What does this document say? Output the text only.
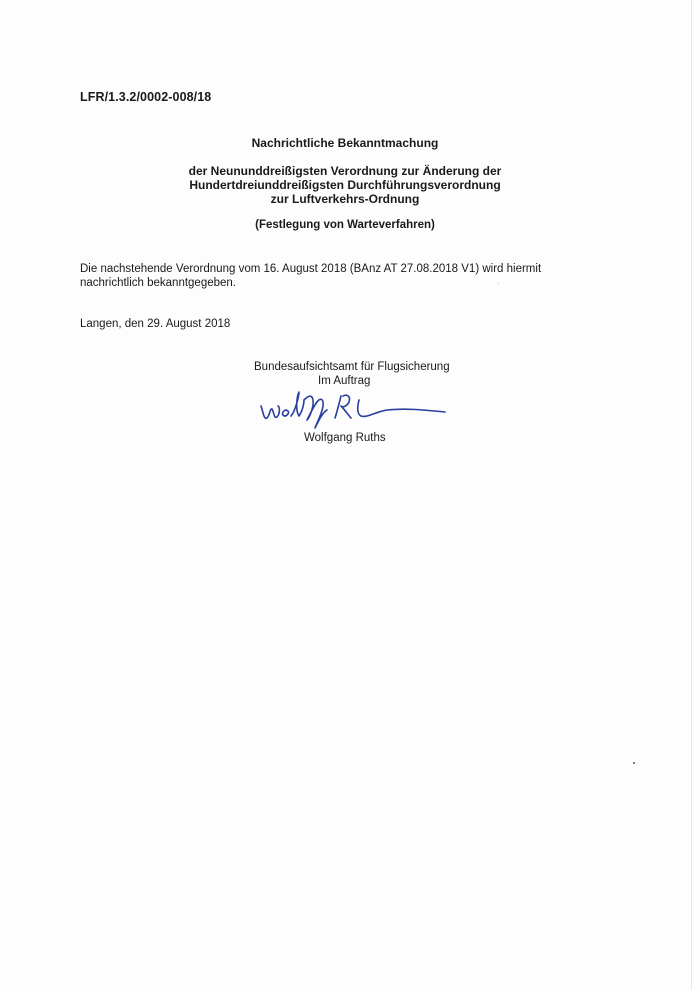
LFR/1.3.2/0002-008/18
Nachrichtliche Bekanntmachung
der Neununddreißigsten Verordnung zur Änderung der
Hundertdreiunddreißigsten Durchführungsverordnung
zur Luftverkehrs-Ordnung
(Festlegung von Warteverfahren)
Die nachstehende Verordnung vom 16. August 2018 (BAnz AT 27.08.2018 V1) wird hiermit nachrichtlich bekanntgegeben.
Langen, den 29. August 2018
Bundesaufsichtsamt für Flugsicherung
Im Auftrag
Wolfgang Ruths
